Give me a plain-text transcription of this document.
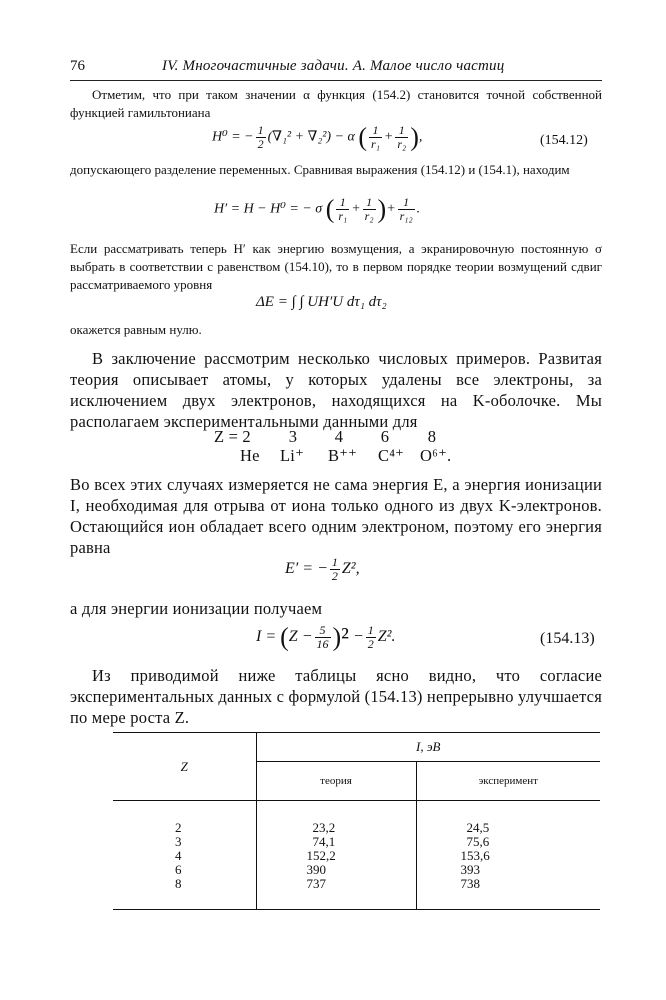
76	IV. Многочастичные задачи. А. Малое число частиц
Отметим, что при таком значении α функция (154.2) становится точной собственной функцией гамильтониана
H⁰ = − $\frac{1}{2} (\nabla_1^2 + \nabla_2^2) - \alpha$ ( $\frac{1}{\text{r₁}} + \frac{1}{\text{r₂}}$ ),	(154.12)
допускающего разделение переменных. Сравнивая выражения (154.12) и (154.1), находим
H′ = H − H⁰ = − σ ( $\frac{1}{\text{r₁}} + \frac{1}{\text{r₂}}$ )+ $\frac{1}{\text{r₁₂}}$ .
Если рассматривать теперь H′ как энергию возмущения, а экранировочную постоянную σ выбрать в соответствии с равенством (154.10), то в первом порядке теории возмущений сдвиг рассматриваемого уровня
ΔE = ∫ ∫ UH′U dτ₁ dτ₂
окажется равным нулю.
В заключение рассмотрим несколько числовых примеров. Развитая теория описывает атомы, у которых удалены все электроны, за исключением двух электронов, находящихся на K-оболочке. Мы располагаем экспериментальными данными для
Z = 2 3 4 6 8
He Li⁺ B⁺⁺ C⁴⁺ O⁶⁺.
Во всех этих случаях измеряется не сама энергия E, а энергия ионизации I, необходимая для отрыва от иона только одного из двух K-электронов. Остающийся ион обладает всего одним электроном, поэтому его энергия равна
E′ = − $\frac{1}{2} Z^2$,
а для энергии ионизации получаем
$I = (Z - \frac{5}{16} )^2 - \frac{1}{2} Z^2$.	(154.13)
Из приводимой ниже таблицы ясно видно, что согласие экспериментальных данных с формулой (154.13) непрерывно улучшается по мере роста Z.
Z	I, эВ	
	теория	эксперимент

2	23,2	24,5
3	74,1	75,6
4	152,2	153,6
6	390	393
8	737	738
